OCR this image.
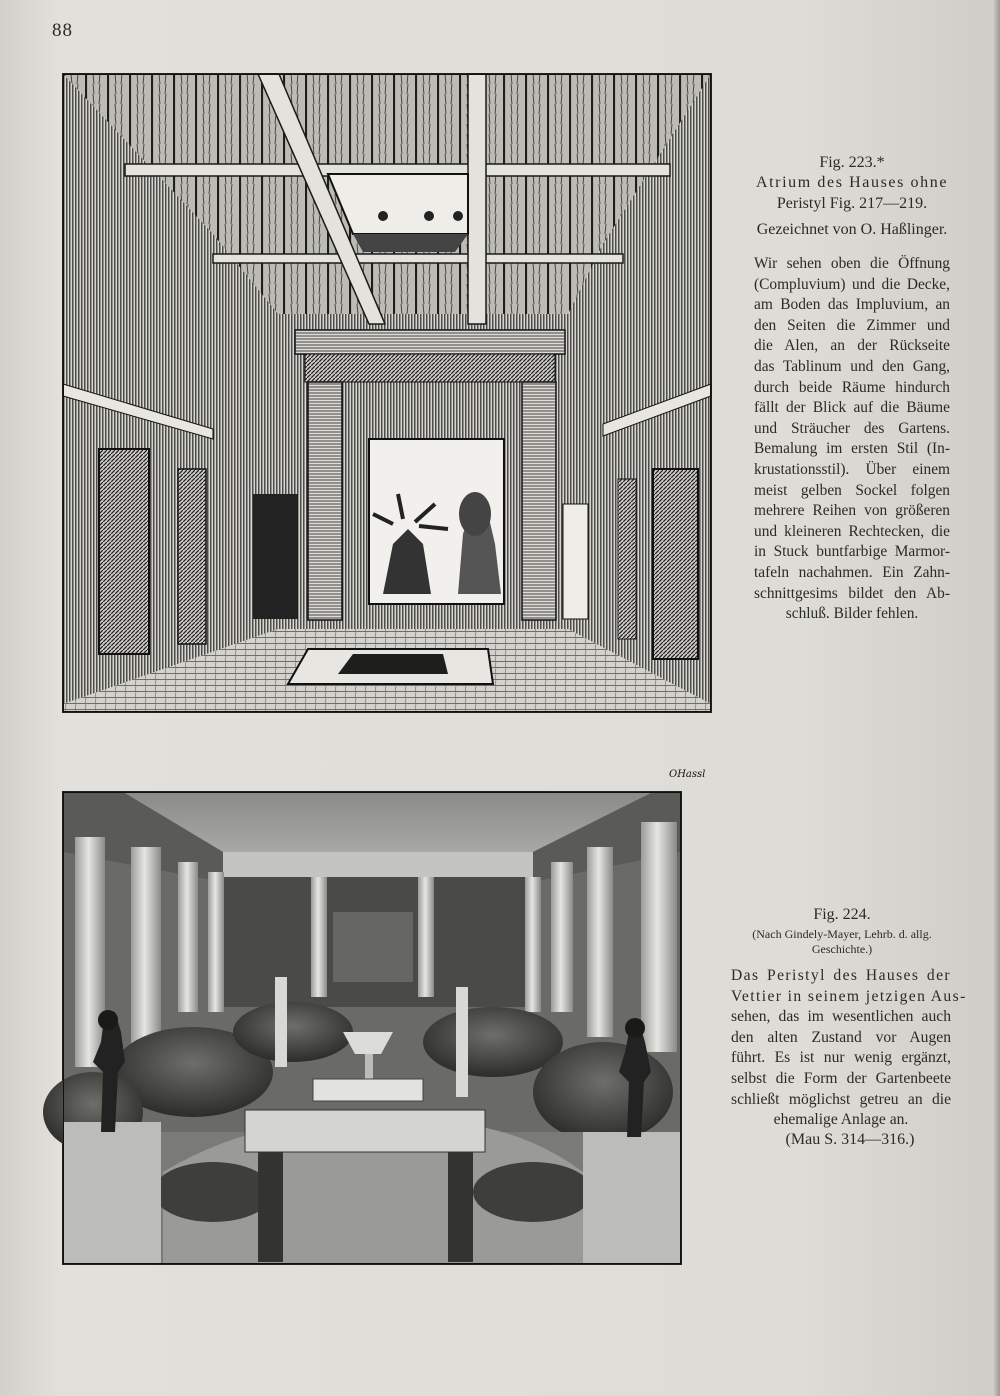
88
OHassl
Fig. 223.*
Atrium des Hauses ohne
Peristyl Fig. 217—219.
Gezeichnet von O. Haßlinger.
Wir sehen oben die Öffnung
(Compluvium) und die Decke,
am Boden das Impluvium, an
den Seiten die Zimmer und
die Alen, an der Rückseite
das Tablinum und den Gang,
durch beide Räume hindurch
fällt der Blick auf die Bäume
und Sträucher des Gartens.
Bemalung im ersten Stil (In-
krustationsstil). Über einem
meist gelben Sockel folgen
mehrere Reihen von größeren
und kleineren Rechtecken, die
in Stuck buntfarbige Marmor-
tafeln nachahmen. Ein Zahn-
schnittgesims bildet den Ab-
schluß. Bilder fehlen.
Fig. 224.
(Nach Gindely-Mayer, Lehrb. d. allg.
Geschichte.)
Das Peristyl des Hauses der
Vettier in seinem jetzigen Aus-
sehen, das im wesentlichen auch
den alten Zustand vor Augen
führt. Es ist nur wenig ergänzt,
selbst die Form der Gartenbeete
schließt möglichst getreu an die
ehemalige Anlage an.
(Mau S. 314—316.)
